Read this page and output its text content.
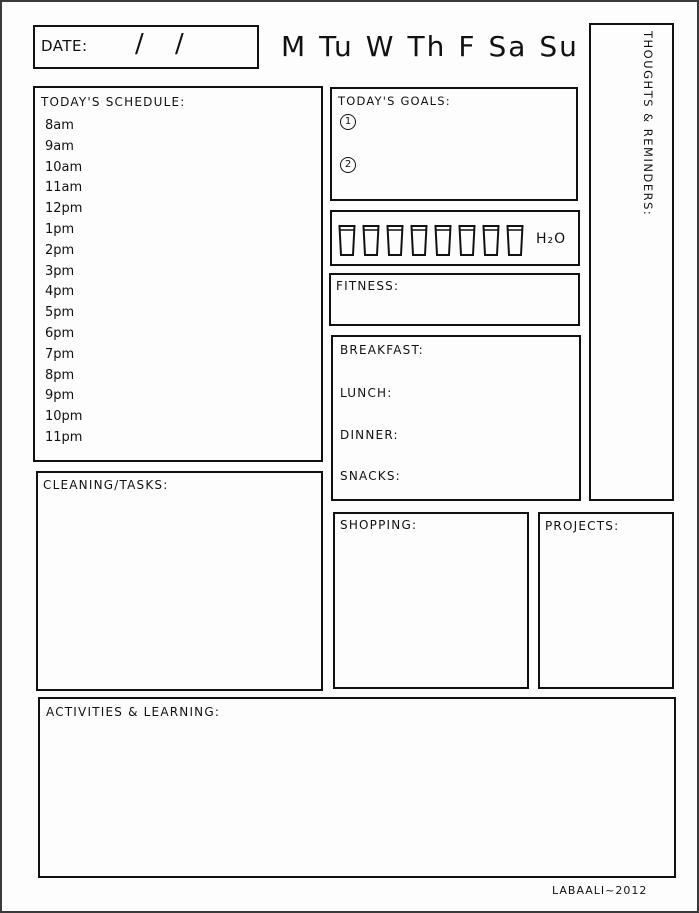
DATE: / /	M Tu W Th F Sa Su	THOUGHTS & REMINDERS:
TODAY'S SCHEDULE:
8am
9am
10am
11am
12pm
1pm
2pm
3pm
4pm
5pm
6pm
7pm
8pm
9pm
10pm
11pm
TODAY'S GOALS:
1
2
H₂O
FITNESS:
BREAKFAST:
LUNCH:
DINNER:
SNACKS:
CLEANING/TASKS:
SHOPPING:	PROJECTS:
ACTIVITIES & LEARNING:
LABAALI~2012
